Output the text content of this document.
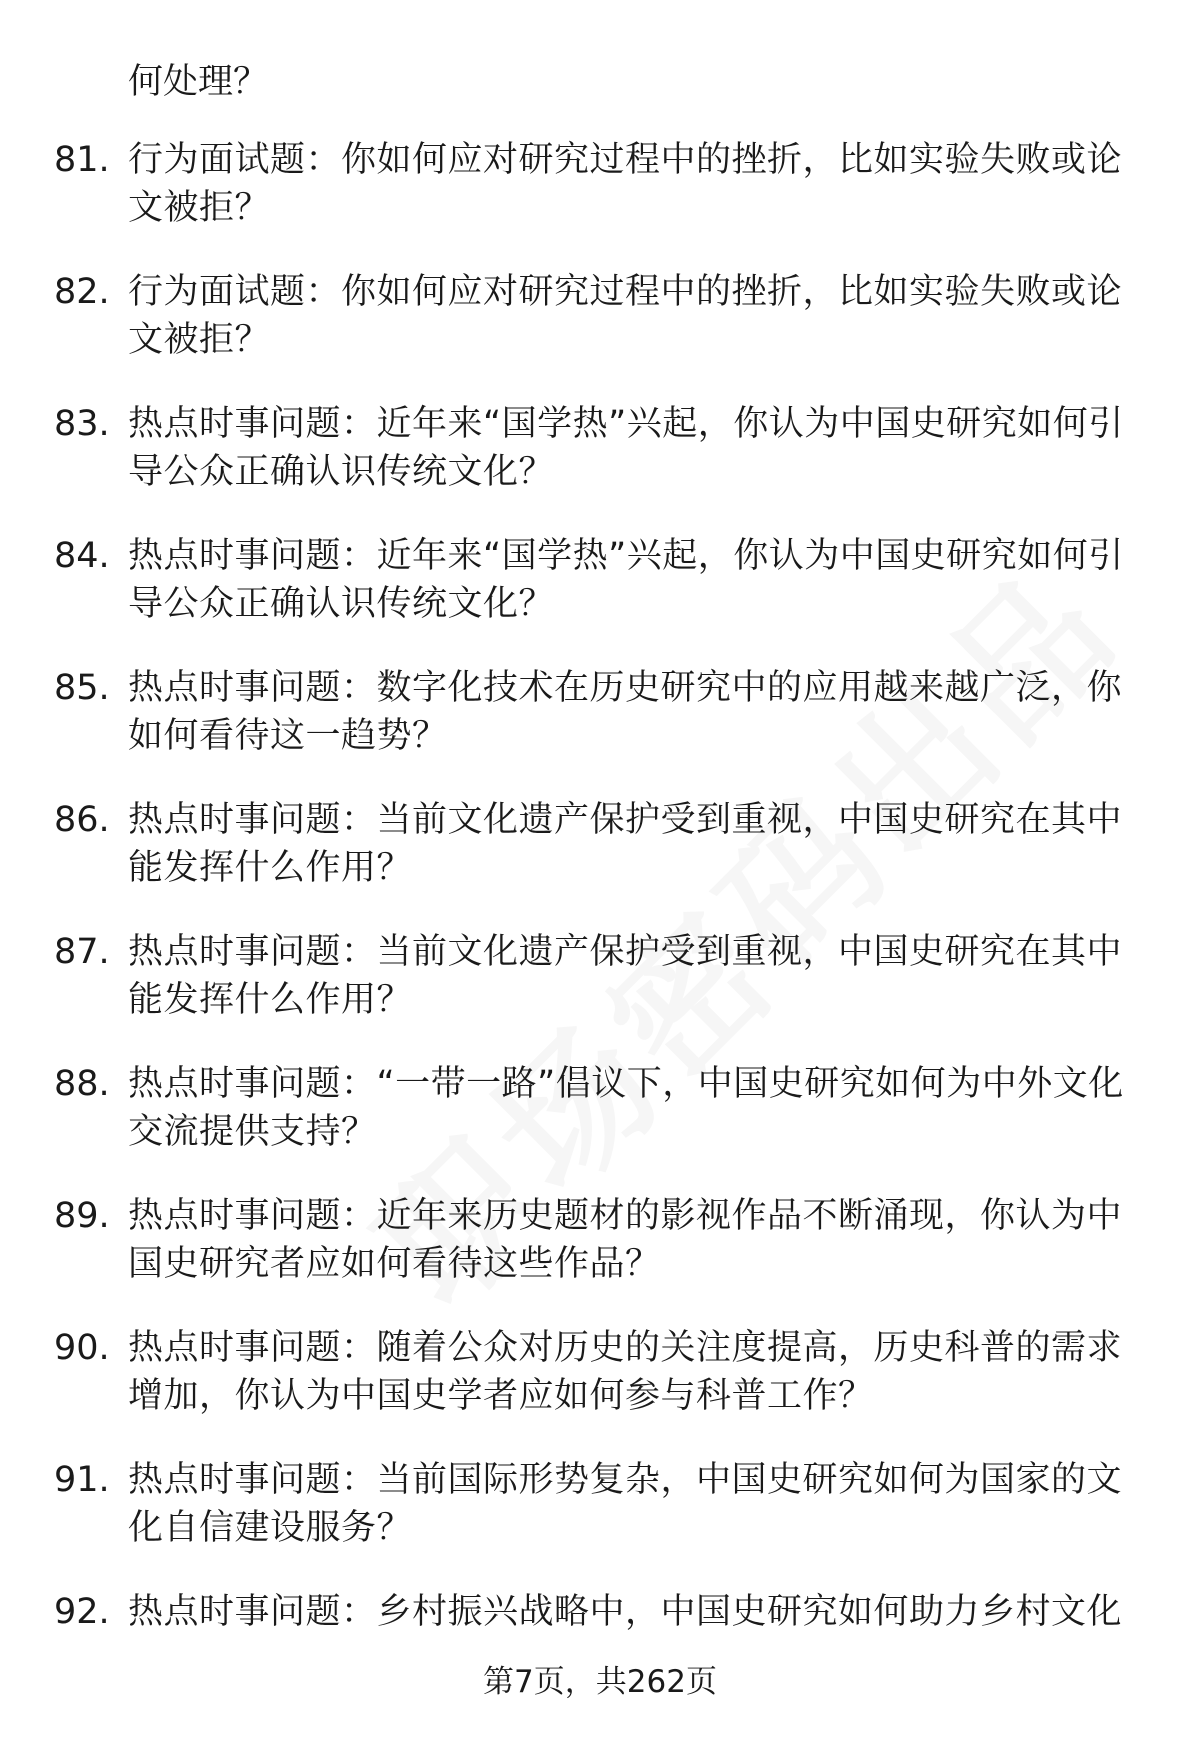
何处理？

81. 行为面试题：你如何应对研究过程中的挫折，比如实验失败或论文被拒？
82. 行为面试题：你如何应对研究过程中的挫折，比如实验失败或论文被拒？
83. 热点时事问题：近年来“国学热”兴起，你认为中国史研究如何引导公众正确认识传统文化？
84. 热点时事问题：近年来“国学热”兴起，你认为中国史研究如何引导公众正确认识传统文化？
85. 热点时事问题：数字化技术在历史研究中的应用越来越广泛，你如何看待这一趋势？
86. 热点时事问题：当前文化遗产保护受到重视，中国史研究在其中能发挥什么作用？
87. 热点时事问题：当前文化遗产保护受到重视，中国史研究在其中能发挥什么作用？
88. 热点时事问题：“一带一路”倡议下，中国史研究如何为中外文化交流提供支持？
89. 热点时事问题：近年来历史题材的影视作品不断涌现，你认为中国史研究者应如何看待这些作品？
90. 热点时事问题：随着公众对历史的关注度提高，历史科普的需求增加，你认为中国史学者应如何参与科普工作？
91. 热点时事问题：当前国际形势复杂，中国史研究如何为国家的文化自信建设服务？
92. 热点时事问题：乡村振兴战略中，中国史研究如何助力乡村文化
第7页，共262页
